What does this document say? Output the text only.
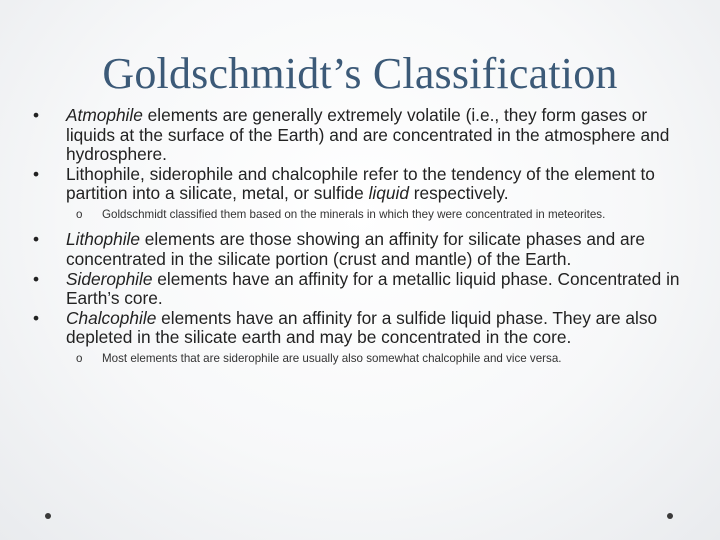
Goldschmidt’s Classification

•	Atmophile elements are generally extremely volatile (i.e., they form gases or liquids at the surface of the Earth) and are concentrated in the atmosphere and hydrosphere.

•	Lithophile, siderophile and chalcophile refer to the tendency of the element to partition into a silicate, metal, or sulfide liquid respectively.

o	Goldschmidt classified them based on the minerals in which they were concentrated in meteorites.

•	Lithophile elements are those showing an affinity for silicate phases and are concentrated in the silicate portion (crust and mantle) of the Earth.

•	Siderophile elements have an affinity for a metallic liquid phase. Concentrated in Earth’s core.

•	Chalcophile elements have an affinity for a sulfide liquid phase. They are also depleted in the silicate earth and may be concentrated in the core.

o	Most elements that are siderophile are usually also somewhat chalcophile and vice versa.
